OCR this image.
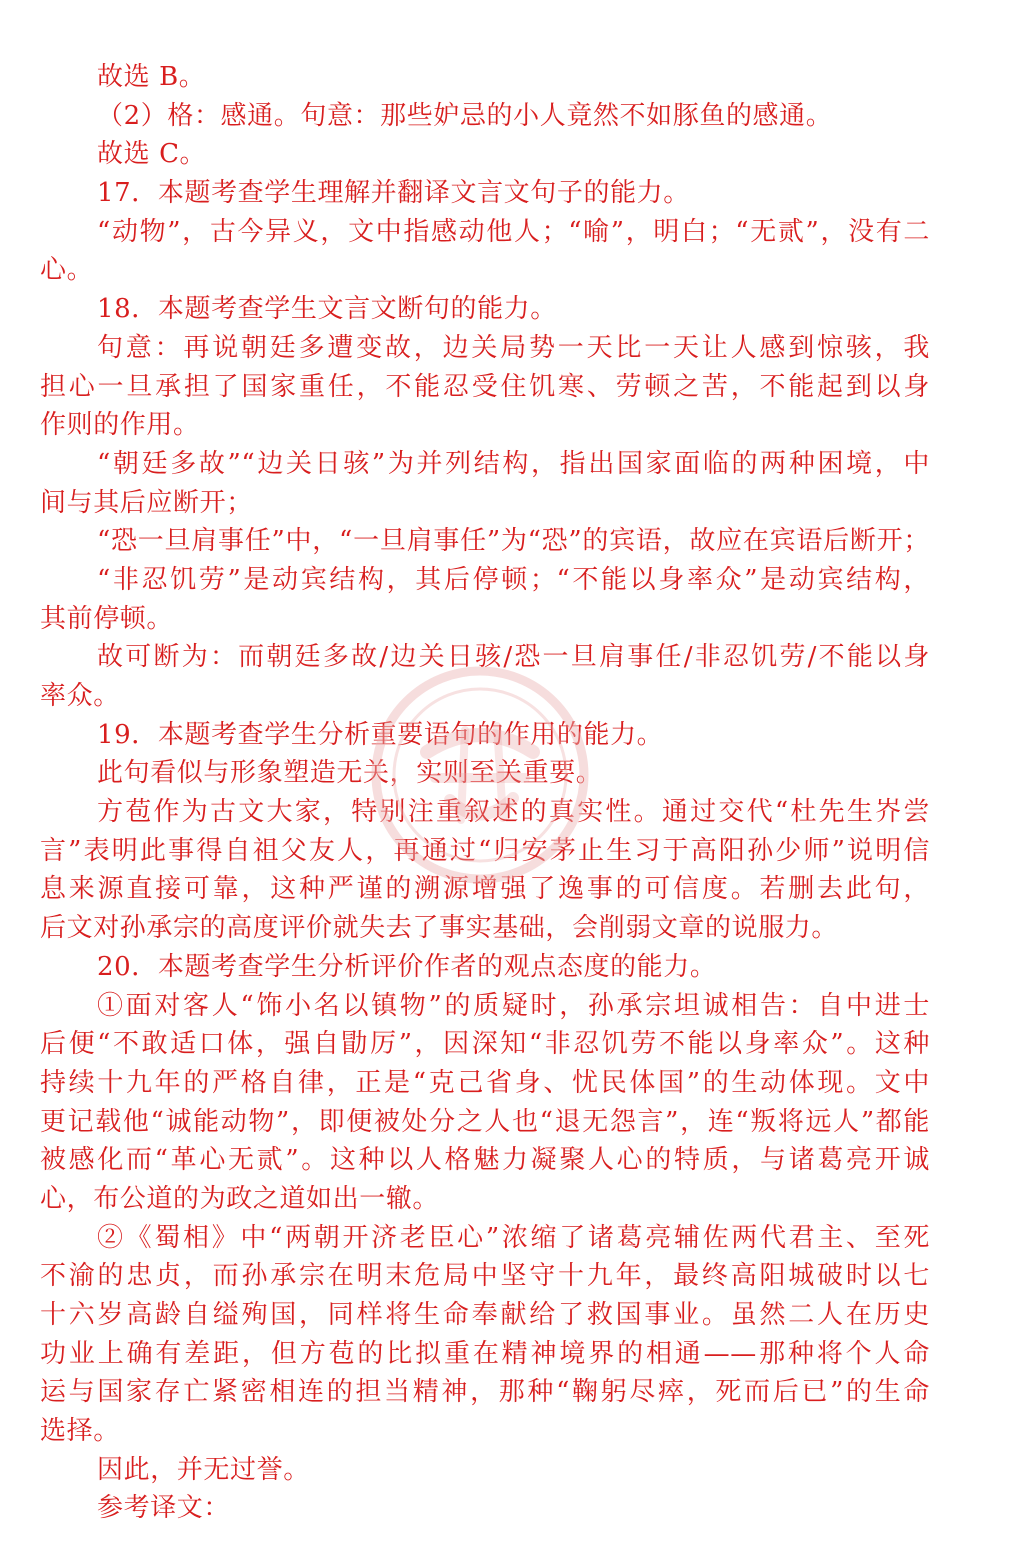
故选 B。
（2）格：感通。句意：那些妒忌的小人竟然不如豚鱼的感通。
故选 C。
17．本题考查学生理解并翻译文言文句子的能力。
“动物”，古今异义，文中指感动他人；“喻”，明白；“无贰”，没有二
心。
18．本题考查学生文言文断句的能力。
句意：再说朝廷多遭变故，边关局势一天比一天让人感到惊骇，我
担心一旦承担了国家重任，不能忍受住饥寒、劳顿之苦，不能起到以身
作则的作用。
“朝廷多故”“边关日骇”为并列结构，指出国家面临的两种困境，中
间与其后应断开；
“恐一旦肩事任”中，“一旦肩事任”为“恐”的宾语，故应在宾语后断开；
“非忍饥劳”是动宾结构，其后停顿；“不能以身率众”是动宾结构，
其前停顿。
故可断为：而朝廷多故/边关日骇/恐一旦肩事任/非忍饥劳/不能以身
率众。
19．本题考查学生分析重要语句的作用的能力。
此句看似与形象塑造无关，实则至关重要。
方苞作为古文大家，特别注重叙述的真实性。通过交代“杜先生岕尝
言”表明此事得自祖父友人，再通过“归安茅止生习于高阳孙少师”说明信
息来源直接可靠，这种严谨的溯源增强了逸事的可信度。若删去此句，
后文对孙承宗的高度评价就失去了事实基础，会削弱文章的说服力。
20．本题考查学生分析评价作者的观点态度的能力。
①面对客人“饰小名以镇物”的质疑时，孙承宗坦诚相告：自中进士
后便“不敢适口体，强自勖厉”，因深知“非忍饥劳不能以身率众”。这种
持续十九年的严格自律，正是“克己省身、忧民体国”的生动体现。文中
更记载他“诚能动物”，即便被处分之人也“退无怨言”，连“叛将远人”都能
被感化而“革心无贰”。这种以人格魅力凝聚人心的特质，与诸葛亮开诚
心，布公道的为政之道如出一辙。
②《蜀相》中“两朝开济老臣心”浓缩了诸葛亮辅佐两代君主、至死
不渝的忠贞，而孙承宗在明末危局中坚守十九年，最终高阳城破时以七
十六岁高龄自缢殉国，同样将生命奉献给了救国事业。虽然二人在历史
功业上确有差距，但方苞的比拟重在精神境界的相通——那种将个人命
运与国家存亡紧密相连的担当精神，那种“鞠躬尽瘁，死而后已”的生命
选择。
因此，并无过誉。
参考译文：
